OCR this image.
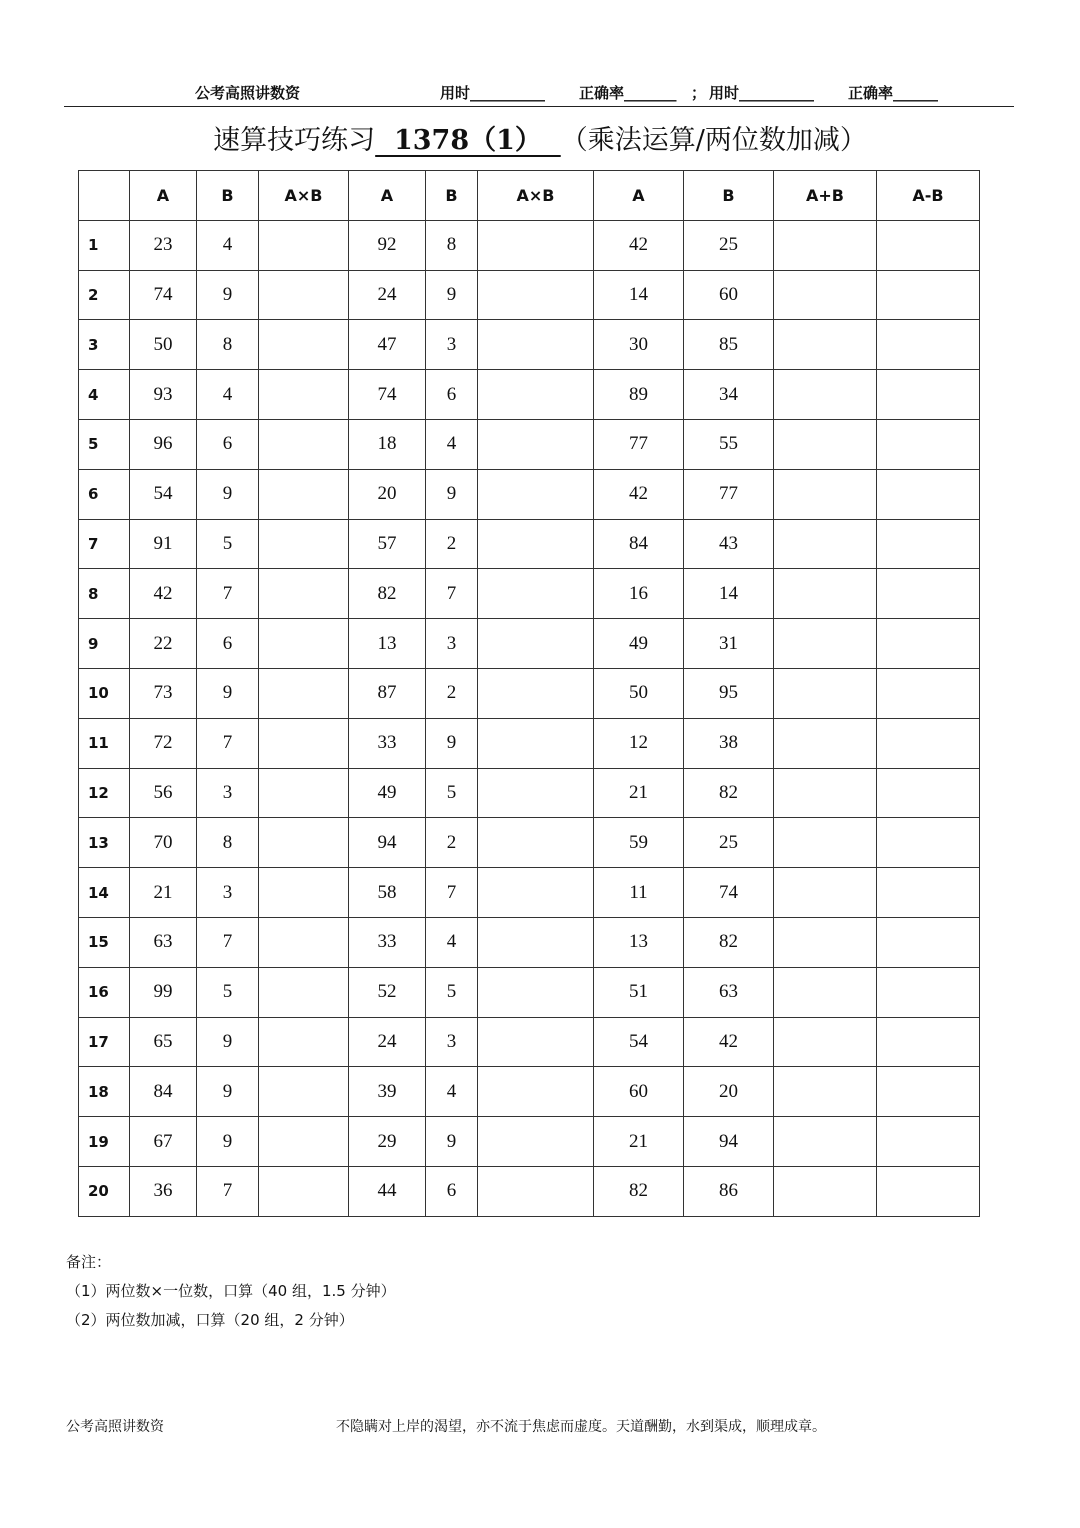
公考高照讲数资	用时__________ 正确率_______ ； 用时__________ 正确率______
速算技巧练习  1378（1）  （乘法运算/两位数加减）
	A	B	A×B	A	B	A×B	A	B	A+B	A-B
1	23	4		92	8		42	25		
2	74	9		24	9		14	60		
3	50	8		47	3		30	85		
4	93	4		74	6		89	34		
5	96	6		18	4		77	55		
6	54	9		20	9		42	77		
7	91	5		57	2		84	43		
8	42	7		82	7		16	14		
9	22	6		13	3		49	31		
10	73	9		87	2		50	95		
11	72	7		33	9		12	38		
12	56	3		49	5		21	82		
13	70	8		94	2		59	25		
14	21	3		58	7		11	74		
15	63	7		33	4		13	82		
16	99	5		52	5		51	63		
17	65	9		24	3		54	42		
18	84	9		39	4		60	20		
19	67	9		29	9		21	94		
20	36	7		44	6		82	86		
备注：
（1）两位数×一位数，口算（40 组，1.5 分钟）
（2）两位数加减，口算（20 组，2 分钟）
公考高照讲数资	不隐瞒对上岸的渴望，亦不流于焦虑而虚度。天道酬勤，水到渠成，顺理成章。
